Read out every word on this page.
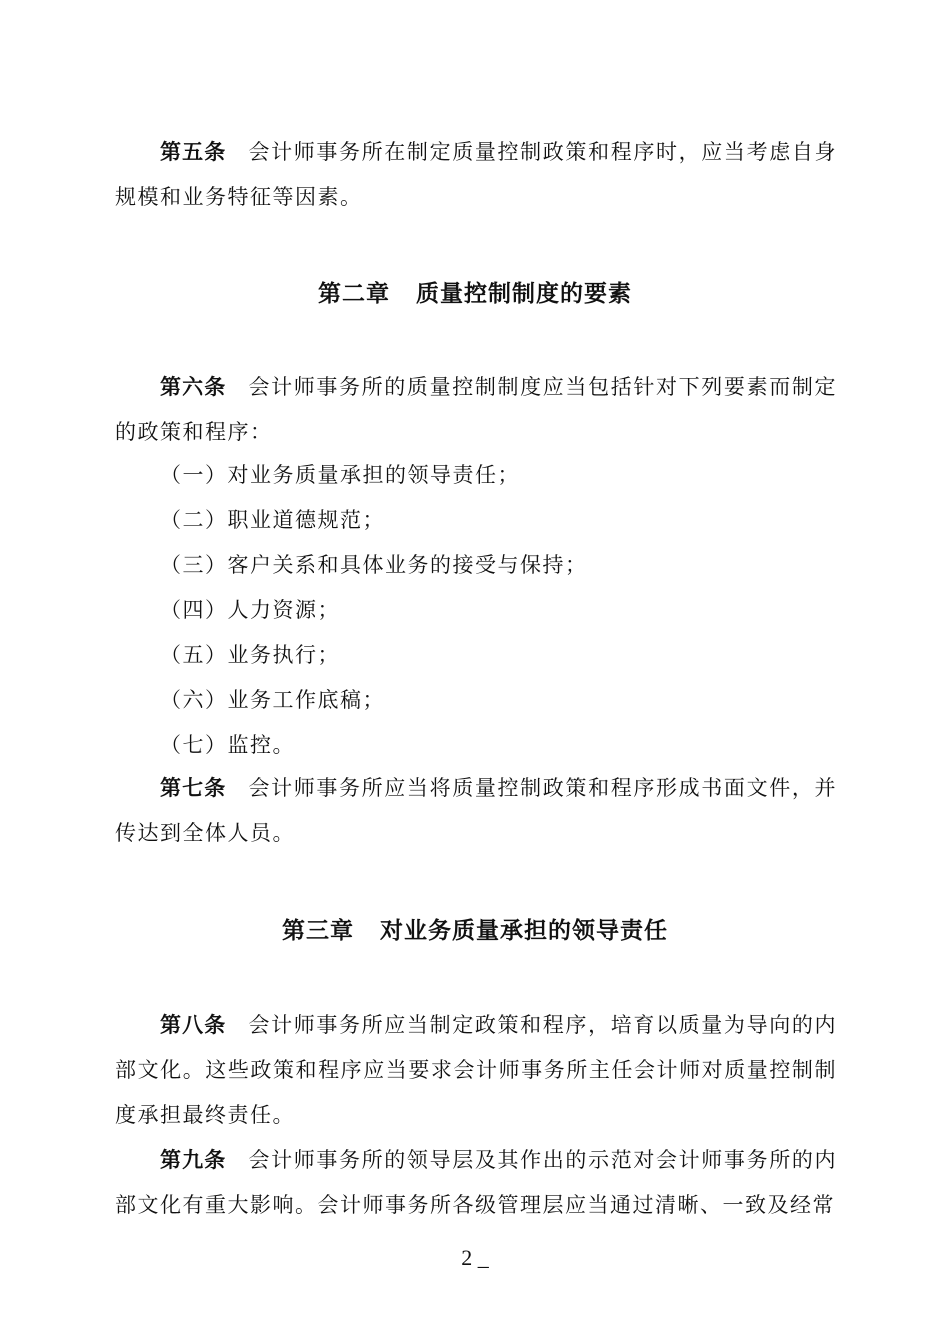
第五条 会计师事务所在制定质量控制政策和程序时，应当考虑自身规模和业务特征等因素。

第二章 质量控制制度的要素

第六条 会计师事务所的质量控制制度应当包括针对下列要素而制定的政策和程序：

（一）对业务质量承担的领导责任；

（二）职业道德规范；

（三）客户关系和具体业务的接受与保持；

（四）人力资源；

（五）业务执行；

（六）业务工作底稿；

（七）监控。

第七条 会计师事务所应当将质量控制政策和程序形成书面文件，并传达到全体人员。

第三章 对业务质量承担的领导责任

第八条 会计师事务所应当制定政策和程序，培育以质量为导向的内部文化。这些政策和程序应当要求会计师事务所主任会计师对质量控制制度承担最终责任。

第九条 会计师事务所的领导层及其作出的示范对会计师事务所的内部文化有重大影响。会计师事务所各级管理层应当通过清晰、一致及经常

2 _
